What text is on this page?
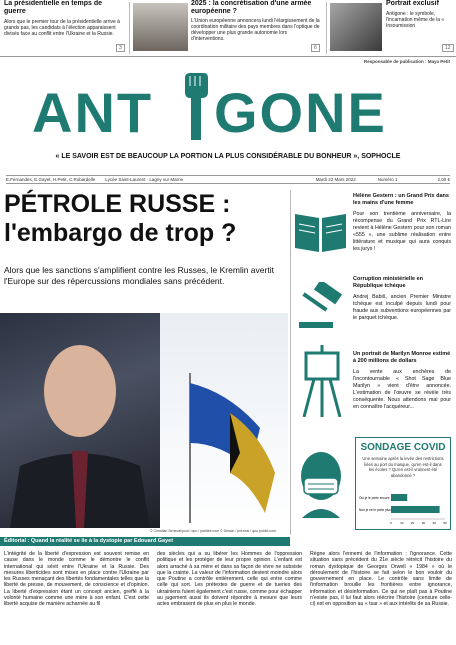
La présidentielle en temps de guerre
Alors que le premier tour de la présidentielle arrive à grands pas, les candidats à l'élection apparaissent divisés face au conflit entre l'Ukraine et la Russie.
3
2025 : la concrétisation d'une armée européenne ?
L'Union européenne annoncera lundi l'élargissement de la coordination militaire des pays membres dans l'optique de développer une plus grande autonomie lors d'interventions.
6
Portrait exclusif
Antigone : le symbole, l'incarnation même de la « Insoumission
12
Responsable de publication : Maya Petit
ANT GONE
« LE SAVOIR EST DE BEAUCOUP LA PORTION LA PLUS CONSIDÉRABLE DU BONHEUR », SOPHOCLE
E.Fernandes, E.Gayet, H.Petit, C.Robardelle Lycée Saint-Laurent · Lagny sur Marne	Mardi 22 Mars 2022	Numéro 1	2,00 €
PÉTROLE RUSSE :
l'embargo de trop ?
Alors que les sanctions s'amplifient contre les Russes, le Kremlin avertit l'Europe sur des répercussions mondiales sans précédent.
© Christian Senecal/pool / quo / publiée.com © Dessin / préziosi / quo publié.com
Hélène Gestern : un Grand Prix dans les mains d'une femme
Pour son trentième anniversaire, la récompense du Grand Prix RTL-Lire revient à Hélène Gestern pour son roman «555 », une sublime réalisation entre littérature et musique qui aura conquis les jurys !
Corruption ministérielle en République tchèque
Andrej Babiš, ancien Premier Ministre tchèque est inculpé depuis lundi pour fraude aux subventions européennes par le parquet tchèque.
Un portrait de Marilyn Monroe estimé à 200 millions de dollars
La vente aux enchères de l'incontournable « Shot Sage Blue Marilyn » vient d'être annoncée. L'estimation de l'œuvre se révèle très conséquente. Nous attendons mai pour en connaître l'acquéreur...
SONDAGE COVID
Une semaine après la levée des restrictions liées au port du masque, qu'en est-il dans les écoles ? Qu'en est-il vraiment été abandonné ?
Oui je le porte encore
Non je ne le porte plus
0	10 20 30 40 50
Éditorial : Quand la réalité se lie à la dystopie par Edouard Gayet
L'intégrité de la liberté d'expression est souvent remise en cause dans le monde comme le démontre le conflit international qui sévit entre l'Ukraine et la Russie. Des mesures liberticides sont mises en place contre l'Ukraine par les Russes menaçant des libertés fondamentales telles que la liberté de presse, de mouvement, de conscience et d'opinion. La liberté d'expression étant un concept ancien, greffé à la volonté humaine comme une mère à son enfant. C'est cette liberté acquise de manière acharnée au fil
des siècles qui a su libérer les Hommes de l'oppression politique et les protéger de leur propre opinion. L'enfant est alors arraché à sa mère et dans sa façon de vivre ne subsiste que la crainte. La valeur de l'information devient moindre alors que Poutine a contrôle entièrement, celle qui entre comme celle qui sort. Les prétextes de guerre et de tueries des ukrainiens fuient également c'est russe, comme pour échapper au jugement aussi ils doivent répondre à mesure que leurs actes embrasent de plus en plus le monde.
Règne alors l'ennemi de l'information : l'ignorance. Cette situation sans précédent du 21e siècle rétrécit l'histoire du roman dystopique de Georges Orwell « 1984 » où le déroulement de l'histoire se fait selon le bon vouloir du gouvernement en place. Le contrôle sans limite de l'information brouille les frontières entre ignorance, information et désinformation. Ce qui ne plaît pas à Poutine n'existe pas, il lui faut alors réécrire l'histoire (censure celle-ci) est en opposition au « tsar » et aux intérêts de sa Russie.
